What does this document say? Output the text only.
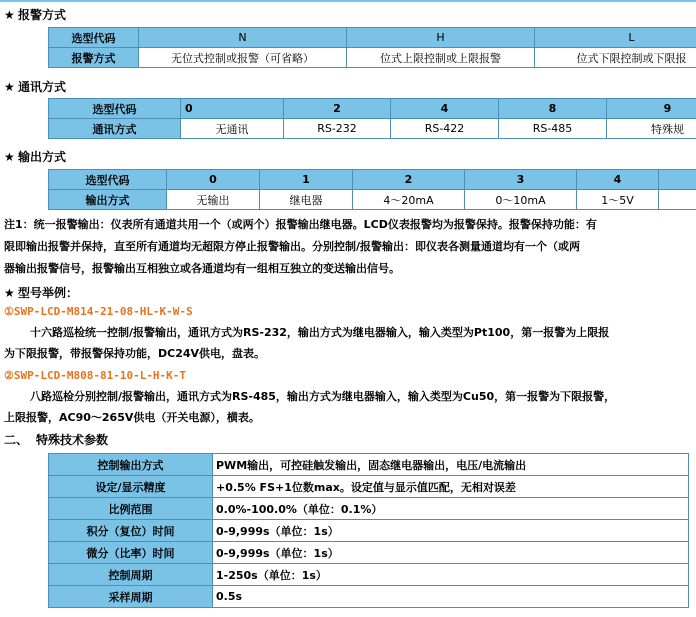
★ 报警方式
选型代码	N	H	L
报警方式	无位式控制或报警（可省略）	位式上限控制或上限报警	位式下限控制或下限报
★ 通讯方式
选型代码	0	2	4	8	9
通讯方式	无通讯	RS-232	RS-422	RS-485	特殊规
★ 输出方式
选型代码	0	1	2	3	4	
输出方式	无输出	继电器	4～20mA	0～10mA	1～5V	
注1：统一报警输出：仪表所有通道共用一个（或两个）报警输出继电器。LCD仪表报警均为报警保持。报警保持功能：有
限即输出报警并保持，直至所有通道均无超限方停止报警输出。分别控制/报警输出：即仪表各测量通道均有一个（或两
器输出报警信号，报警输出互相独立或各通道均有一组相互独立的变送输出信号。
★ 型号举例：
①SWP-LCD-M814-21-08-HL-K-W-S
十六路巡检统一控制/报警输出，通讯方式为RS-232，输出方式为继电器输入，输入类型为Pt100，第一报警为上限报
为下限报警，带报警保持功能，DC24V供电，盘表。
②SWP-LCD-M808-81-10-L-H-K-T
八路巡检分别控制/报警输出，通讯方式为RS-485，输出方式为继电器输入，输入类型为Cu50，第一报警为下限报警，
上限报警，AC90～265V供电（开关电源），横表。
二、 特殊技术参数
控制输出方式	PWM输出，可控硅触发输出，固态继电器输出，电压/电流输出
设定/显示精度	+0.5% FS+1位数max。设定值与显示值匹配，无相对误差
比例范围	0.0%-100.0%（单位：0.1%）
积分（复位）时间	0-9,999s（单位：1s）
微分（比率）时间	0-9,999s（单位：1s）
控制周期	1-250s（单位：1s）
采样周期	0.5s
